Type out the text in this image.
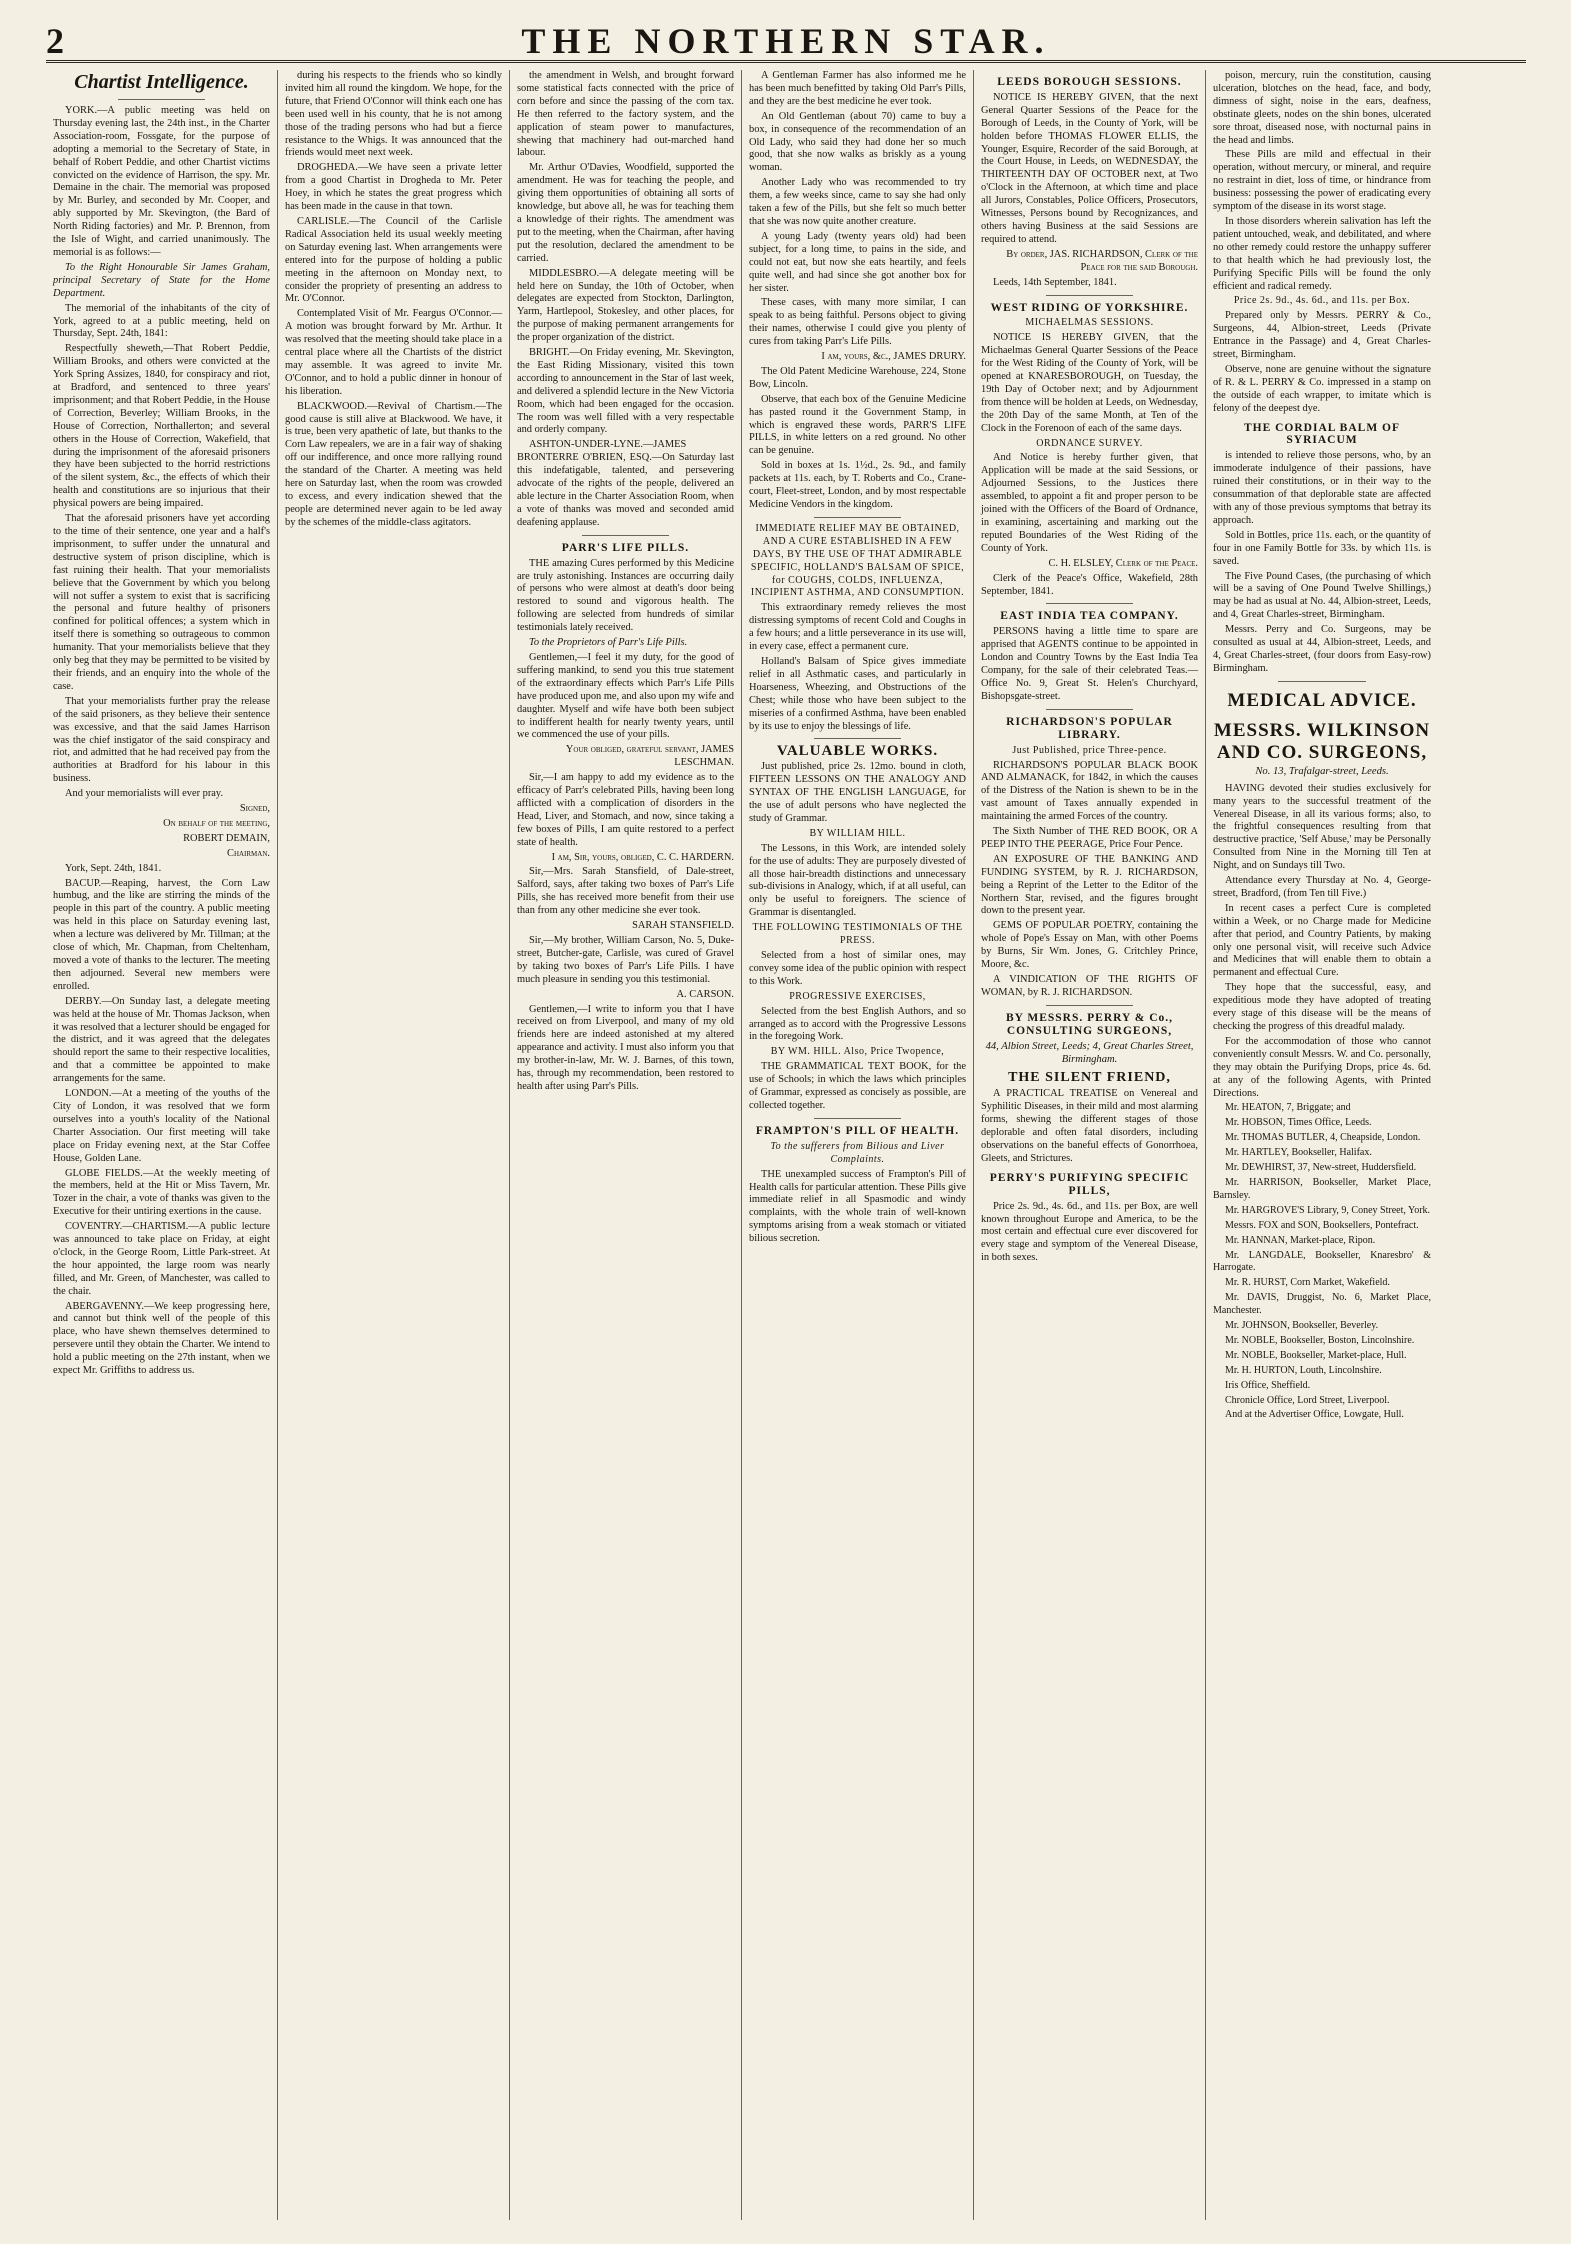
2	THE NORTHERN STAR.
Chartist Intelligence.

YORK.—A public meeting was held on Thursday evening last, the 24th inst., in the Charter Association-room, Fossgate, for the purpose of adopting a memorial to the Secretary of State, in behalf of Robert Peddie, and other Chartist victims convicted on the evidence of Harrison, the spy. Mr. Demaine in the chair. The memorial was proposed by Mr. Burley, and seconded by Mr. Cooper, and ably supported by Mr. Skevington, (the Bard of North Riding factories) and Mr. P. Brennon, from the Isle of Wight, and carried unanimously. The memorial is as follows:—

To the Right Honourable Sir James Graham, principal Secretary of State for the Home Department.

The memorial of the inhabitants of the city of York, agreed to at a public meeting, held on Thursday, Sept. 24th, 1841:

Respectfully sheweth,—That Robert Peddie, William Brooks, and others were convicted at the York Spring Assizes, 1840, for conspiracy and riot, at Bradford, and sentenced to three years' imprisonment; and that Robert Peddie, in the House of Correction, Beverley; William Brooks, in the House of Correction, Northallerton; and several others in the House of Correction, Wakefield, that during the imprisonment of the aforesaid prisoners they have been subjected to the horrid restrictions of the silent system, &c., the effects of which their health and constitutions are so injurious that their physical powers are being impaired.

That the aforesaid prisoners have yet according to the time of their sentence, one year and a half's imprisonment, to suffer under the unnatural and destructive system of prison discipline, which is fast ruining their health. That your memorialists believe that the Government by which you belong will not suffer a system to exist that is sacrificing the personal and future healthy of prisoners confined for political offences; a system which in itself there is something so outrageous to common humanity. That your memorialists believe that they only beg that they may be permitted to be visited by their friends, and an enquiry into the whole of the case.

That your memorialists further pray the release of the said prisoners, as they believe their sentence was excessive, and that the said James Harrison was the chief instigator of the said conspiracy and riot, and admitted that he had received pay from the authorities at Bradford for his labour in this business.

And your memorialists will ever pray.

Signed,
On behalf of the meeting,
ROBERT DEMAIN,
Chairman.

York, Sept. 24th, 1841.

BACUP.—Reaping, harvest, the Corn Law humbug, and the like are stirring the minds of the people in this part of the country. A public meeting was held in this place on Saturday evening last, when a lecture was delivered by Mr. Tillman; at the close of which, Mr. Chapman, from Cheltenham, moved a vote of thanks to the lecturer. The meeting then adjourned. Several new members were enrolled.

DERBY.—On Sunday last, a delegate meeting was held at the house of Mr. Thomas Jackson, when it was resolved that a lecturer should be engaged for the district, and it was agreed that the delegates should report the same to their respective localities, and that a committee be appointed to make arrangements for the same.

LONDON.—At a meeting of the youths of the City of London, it was resolved that we form ourselves into a youth's locality of the National Charter Association. Our first meeting will take place on Friday evening next, at the Star Coffee House, Golden Lane.

GLOBE FIELDS.—At the weekly meeting of the members, held at the Hit or Miss Tavern, Mr. Tozer in the chair, a vote of thanks was given to the Executive for their untiring exertions in the cause.

COVENTRY.—CHARTISM.—A public lecture was announced to take place on Friday, at eight o'clock, in the George Room, Little Park-street. At the hour appointed, the large room was nearly filled, and Mr. Green, of Manchester, was called to the chair.

ABERGAVENNY.—We keep progressing here, and cannot but think well of the people of this place, who have shewn themselves determined to persevere until they obtain the Charter. We intend to hold a public meeting on the 27th instant, when we expect Mr. Griffiths to address us.

during his respects to the friends who so kindly invited him all round the kingdom. We hope, for the future, that Friend O'Connor will think each one has been used well in his county, that he is not among those of the trading persons who had but a fierce resistance to the Whigs. It was announced that the friends would meet next week.

DROGHEDA.—We have seen a private letter from a good Chartist in Drogheda to Mr. Peter Hoey, in which he states the great progress which has been made in the cause in that town.

CARLISLE.—The Council of the Carlisle Radical Association held its usual weekly meeting on Saturday evening last. When arrangements were entered into for the purpose of holding a public meeting in the afternoon on Monday next, to consider the propriety of presenting an address to Mr. O'Connor.

Contemplated Visit of Mr. Feargus O'Connor.—A motion was brought forward by Mr. Arthur. It was resolved that the meeting should take place in a central place where all the Chartists of the district may assemble. It was agreed to invite Mr. O'Connor, and to hold a public dinner in honour of his liberation.

BLACKWOOD.—Revival of Chartism.—The good cause is still alive at Blackwood. We have, it is true, been very apathetic of late, but thanks to the Corn Law repealers, we are in a fair way of shaking off our indifference, and once more rallying round the standard of the Charter. A meeting was held here on Saturday last, when the room was crowded to excess, and every indication shewed that the people are determined never again to be led away by the schemes of the middle-class agitators.

the amendment in Welsh, and brought forward some statistical facts connected with the price of corn before and since the passing of the corn tax. He then referred to the factory system, and the application of steam power to manufactures, shewing that machinery had out-marched hand labour.

Mr. Arthur O'Davies, Woodfield, supported the amendment. He was for teaching the people, and giving them opportunities of obtaining all sorts of knowledge, but above all, he was for teaching them a knowledge of their rights. The amendment was put to the meeting, when the Chairman, after having put the resolution, declared the amendment to be carried.

MIDDLESBRO.—A delegate meeting will be held here on Sunday, the 10th of October, when delegates are expected from Stockton, Darlington, Yarm, Hartlepool, Stokesley, and other places, for the purpose of making permanent arrangements for the proper organization of the district.

BRIGHT.—On Friday evening, Mr. Skevington, the East Riding Missionary, visited this town according to announcement in the Star of last week, and delivered a splendid lecture in the New Victoria Room, which had been engaged for the occasion. The room was well filled with a very respectable and orderly company.

ASHTON-UNDER-LYNE.—JAMES BRONTERRE O'BRIEN, ESQ.—On Saturday last this indefatigable, talented, and persevering advocate of the rights of the people, delivered an able lecture in the Charter Association Room, when a vote of thanks was moved and seconded amid deafening applause.

PARR'S LIFE PILLS.

THE amazing Cures performed by this Medicine are truly astonishing. Instances are occurring daily of persons who were almost at death's door being restored to sound and vigorous health. The following are selected from hundreds of similar testimonials lately received.

To the Proprietors of Parr's Life Pills.

Gentlemen,—I feel it my duty, for the good of suffering mankind, to send you this true statement of the extraordinary effects which Parr's Life Pills have produced upon me, and also upon my wife and daughter. Myself and wife have both been subject to indifferent health for nearly twenty years, until we commenced the use of your pills.

Your obliged, grateful servant, JAMES LESCHMAN.

Sir,—I am happy to add my evidence as to the efficacy of Parr's celebrated Pills, having been long afflicted with a complication of disorders in the Head, Liver, and Stomach, and now, since taking a few boxes of Pills, I am quite restored to a perfect state of health.

I am, Sir, yours, obliged, C. C. HARDERN.

Sir,—Mrs. Sarah Stansfield, of Dale-street, Salford, says, after taking two boxes of Parr's Life Pills, she has received more benefit from their use than from any other medicine she ever took.

SARAH STANSFIELD.

Sir,—My brother, William Carson, No. 5, Duke-street, Butcher-gate, Carlisle, was cured of Gravel by taking two boxes of Parr's Life Pills. I have much pleasure in sending you this testimonial.

A. CARSON.

Gentlemen,—I write to inform you that I have received on from Liverpool, and many of my old friends here are indeed astonished at my altered appearance and activity. I must also inform you that my brother-in-law, Mr. W. J. Barnes, of this town, has, through my recommendation, been restored to health after using Parr's Pills.

A Gentleman Farmer has also informed me he has been much benefitted by taking Old Parr's Pills, and they are the best medicine he ever took.

An Old Gentleman (about 70) came to buy a box, in consequence of the recommendation of an Old Lady, who said they had done her so much good, that she now walks as briskly as a young woman.

Another Lady who was recommended to try them, a few weeks since, came to say she had only taken a few of the Pills, but she felt so much better that she was now quite another creature.

A young Lady (twenty years old) had been subject, for a long time, to pains in the side, and could not eat, but now she eats heartily, and feels quite well, and had since she got another box for her sister.

These cases, with many more similar, I can speak to as being faithful. Persons object to giving their names, otherwise I could give you plenty of cures from taking Parr's Life Pills.

I am, yours, &c., JAMES DRURY.

The Old Patent Medicine Warehouse, 224, Stone Bow, Lincoln.

Observe, that each box of the Genuine Medicine has pasted round it the Government Stamp, in which is engraved these words, PARR'S LIFE PILLS, in white letters on a red ground. No other can be genuine.

Sold in boxes at 1s. 1½d., 2s. 9d., and family packets at 11s. each, by T. Roberts and Co., Crane-court, Fleet-street, London, and by most respectable Medicine Vendors in the kingdom.

IMMEDIATE RELIEF MAY BE OBTAINED, AND A CURE ESTABLISHED IN A FEW DAYS, BY THE USE OF THAT ADMIRABLE SPECIFIC, HOLLAND'S BALSAM OF SPICE, for COUGHS, COLDS, INFLUENZA, INCIPIENT ASTHMA, AND CONSUMPTION.

This extraordinary remedy relieves the most distressing symptoms of recent Cold and Coughs in a few hours; and a little perseverance in its use will, in every case, effect a permanent cure.

Holland's Balsam of Spice gives immediate relief in all Asthmatic cases, and particularly in Hoarseness, Wheezing, and Obstructions of the Chest; while those who have been subject to the miseries of a confirmed Asthma, have been enabled by its use to enjoy the blessings of life.

VALUABLE WORKS.

Just published, price 2s. 12mo. bound in cloth, FIFTEEN LESSONS ON THE ANALOGY AND SYNTAX OF THE ENGLISH LANGUAGE, for the use of adult persons who have neglected the study of Grammar.

BY WILLIAM HILL.

The Lessons, in this Work, are intended solely for the use of adults: They are purposely divested of all those hair-breadth distinctions and unnecessary sub-divisions in Analogy, which, if at all useful, can only be useful to foreigners. The science of Grammar is disentangled.

THE FOLLOWING TESTIMONIALS OF THE PRESS.

Selected from a host of similar ones, may convey some idea of the public opinion with respect to this Work.

PROGRESSIVE EXERCISES,

Selected from the best English Authors, and so arranged as to accord with the Progressive Lessons in the foregoing Work.

BY WM. HILL. Also, Price Twopence,

THE GRAMMATICAL TEXT BOOK, for the use of Schools; in which the laws which principles of Grammar, expressed as concisely as possible, are collected together.

FRAMPTON'S PILL OF HEALTH.
To the sufferers from Bilious and Liver Complaints.

THE unexampled success of Frampton's Pill of Health calls for particular attention. These Pills give immediate relief in all Spasmodic and windy complaints, with the whole train of well-known symptoms arising from a weak stomach or vitiated bilious secretion.

LEEDS BOROUGH SESSIONS.

NOTICE IS HEREBY GIVEN, that the next General Quarter Sessions of the Peace for the Borough of Leeds, in the County of York, will be holden before THOMAS FLOWER ELLIS, the Younger, Esquire, Recorder of the said Borough, at the Court House, in Leeds, on WEDNESDAY, the THIRTEENTH DAY OF OCTOBER next, at Two o'Clock in the Afternoon, at which time and place all Jurors, Constables, Police Officers, Prosecutors, Witnesses, Persons bound by Recognizances, and others having Business at the said Sessions are required to attend.

By order, JAS. RICHARDSON, Clerk of the Peace for the said Borough.

Leeds, 14th September, 1841.

WEST RIDING OF YORKSHIRE.
MICHAELMAS SESSIONS.

NOTICE IS HEREBY GIVEN, that the Michaelmas General Quarter Sessions of the Peace for the West Riding of the County of York, will be opened at KNARESBOROUGH, on Tuesday, the 19th Day of October next; and by Adjournment from thence will be holden at Leeds, on Wednesday, the 20th Day of the same Month, at Ten of the Clock in the Forenoon of each of the same days.

ORDNANCE SURVEY.

And Notice is hereby further given, that Application will be made at the said Sessions, or Adjourned Sessions, to the Justices there assembled, to appoint a fit and proper person to be joined with the Officers of the Board of Ordnance, in examining, ascertaining and marking out the reputed Boundaries of the West Riding of the County of York.

C. H. ELSLEY, Clerk of the Peace.

Clerk of the Peace's Office, Wakefield, 28th September, 1841.

EAST INDIA TEA COMPANY.

PERSONS having a little time to spare are apprised that AGENTS continue to be appointed in London and Country Towns by the East India Tea Company, for the sale of their celebrated Teas.—Office No. 9, Great St. Helen's Churchyard, Bishopsgate-street.

RICHARDSON'S POPULAR LIBRARY.
Just Published, price Three-pence.

RICHARDSON'S POPULAR BLACK BOOK AND ALMANACK, for 1842, in which the causes of the Distress of the Nation is shewn to be in the vast amount of Taxes annually expended in maintaining the armed Forces of the country.

The Sixth Number of THE RED BOOK, OR A PEEP INTO THE PEERAGE, Price Four Pence.

AN EXPOSURE OF THE BANKING AND FUNDING SYSTEM, by R. J. RICHARDSON, being a Reprint of the Letter to the Editor of the Northern Star, revised, and the figures brought down to the present year.

GEMS OF POPULAR POETRY, containing the whole of Pope's Essay on Man, with other Poems by Burns, Sir Wm. Jones, G. Critchley Prince, Moore, &c.

A VINDICATION OF THE RIGHTS OF WOMAN, by R. J. RICHARDSON.

BY MESSRS. PERRY & Co., CONSULTING SURGEONS,
44, Albion Street, Leeds; 4, Great Charles Street, Birmingham.
THE SILENT FRIEND,

A PRACTICAL TREATISE on Venereal and Syphilitic Diseases, in their mild and most alarming forms, shewing the different stages of those deplorable and often fatal disorders, including observations on the baneful effects of Gonorrhoea, Gleets, and Strictures.

PERRY'S PURIFYING SPECIFIC PILLS,

Price 2s. 9d., 4s. 6d., and 11s. per Box, are well known throughout Europe and America, to be the most certain and effectual cure ever discovered for every stage and symptom of the Venereal Disease, in both sexes.

poison, mercury, ruin the constitution, causing ulceration, blotches on the head, face, and body, dimness of sight, noise in the ears, deafness, obstinate gleets, nodes on the shin bones, ulcerated sore throat, diseased nose, with nocturnal pains in the head and limbs.

These Pills are mild and effectual in their operation, without mercury, or mineral, and require no restraint in diet, loss of time, or hindrance from business: possessing the power of eradicating every symptom of the disease in its worst stage.

In those disorders wherein salivation has left the patient untouched, weak, and debilitated, and where no other remedy could restore the unhappy sufferer to that health which he had previously lost, the Purifying Specific Pills will be found the only efficient and radical remedy.

Price 2s. 9d., 4s. 6d., and 11s. per Box.

Prepared only by Messrs. PERRY & Co., Surgeons, 44, Albion-street, Leeds (Private Entrance in the Passage) and 4, Great Charles-street, Birmingham.

Observe, none are genuine without the signature of R. & L. PERRY & Co. impressed in a stamp on the outside of each wrapper, to imitate which is felony of the deepest dye.

THE CORDIAL BALM OF SYRIACUM

is intended to relieve those persons, who, by an immoderate indulgence of their passions, have ruined their constitutions, or in their way to the consummation of that deplorable state are affected with any of those previous symptoms that betray its approach.

Sold in Bottles, price 11s. each, or the quantity of four in one Family Bottle for 33s. by which 11s. is saved.

The Five Pound Cases, (the purchasing of which will be a saving of One Pound Twelve Shillings,) may be had as usual at No. 44, Albion-street, Leeds, and 4, Great Charles-street, Birmingham.

Messrs. Perry and Co. Surgeons, may be consulted as usual at 44, Albion-street, Leeds, and 4, Great Charles-street, (four doors from Easy-row) Birmingham.

MEDICAL ADVICE.
MESSRS. WILKINSON AND CO. SURGEONS,
No. 13, Trafalgar-street, Leeds.

HAVING devoted their studies exclusively for many years to the successful treatment of the Venereal Disease, in all its various forms; also, to the frightful consequences resulting from that destructive practice, 'Self Abuse,' may be Personally Consulted from Nine in the Morning till Ten at Night, and on Sundays till Two.

Attendance every Thursday at No. 4, George-street, Bradford, (from Ten till Five.)

In recent cases a perfect Cure is completed within a Week, or no Charge made for Medicine after that period, and Country Patients, by making only one personal visit, will receive such Advice and Medicines that will enable them to obtain a permanent and effectual Cure.

They hope that the successful, easy, and expeditious mode they have adopted of treating every stage of this disease will be the means of checking the progress of this dreadful malady.

For the accommodation of those who cannot conveniently consult Messrs. W. and Co. personally, they may obtain the Purifying Drops, price 4s. 6d. at any of the following Agents, with Printed Directions.

Mr. HEATON, 7, Briggate; and

Mr. HOBSON, Times Office, Leeds.

Mr. THOMAS BUTLER, 4, Cheapside, London.

Mr. HARTLEY, Bookseller, Halifax.

Mr. DEWHIRST, 37, New-street, Huddersfield.

Mr. HARRISON, Bookseller, Market Place, Barnsley.

Mr. HARGROVE'S Library, 9, Coney Street, York.

Messrs. FOX and SON, Booksellers, Pontefract.

Mr. HANNAN, Market-place, Ripon.

Mr. LANGDALE, Bookseller, Knaresbro' & Harrogate.

Mr. R. HURST, Corn Market, Wakefield.

Mr. DAVIS, Druggist, No. 6, Market Place, Manchester.

Mr. JOHNSON, Bookseller, Beverley.

Mr. NOBLE, Bookseller, Boston, Lincolnshire.

Mr. NOBLE, Bookseller, Market-place, Hull.

Mr. H. HURTON, Louth, Lincolnshire.

Iris Office, Sheffield.

Chronicle Office, Lord Street, Liverpool.

And at the Advertiser Office, Lowgate, Hull.
